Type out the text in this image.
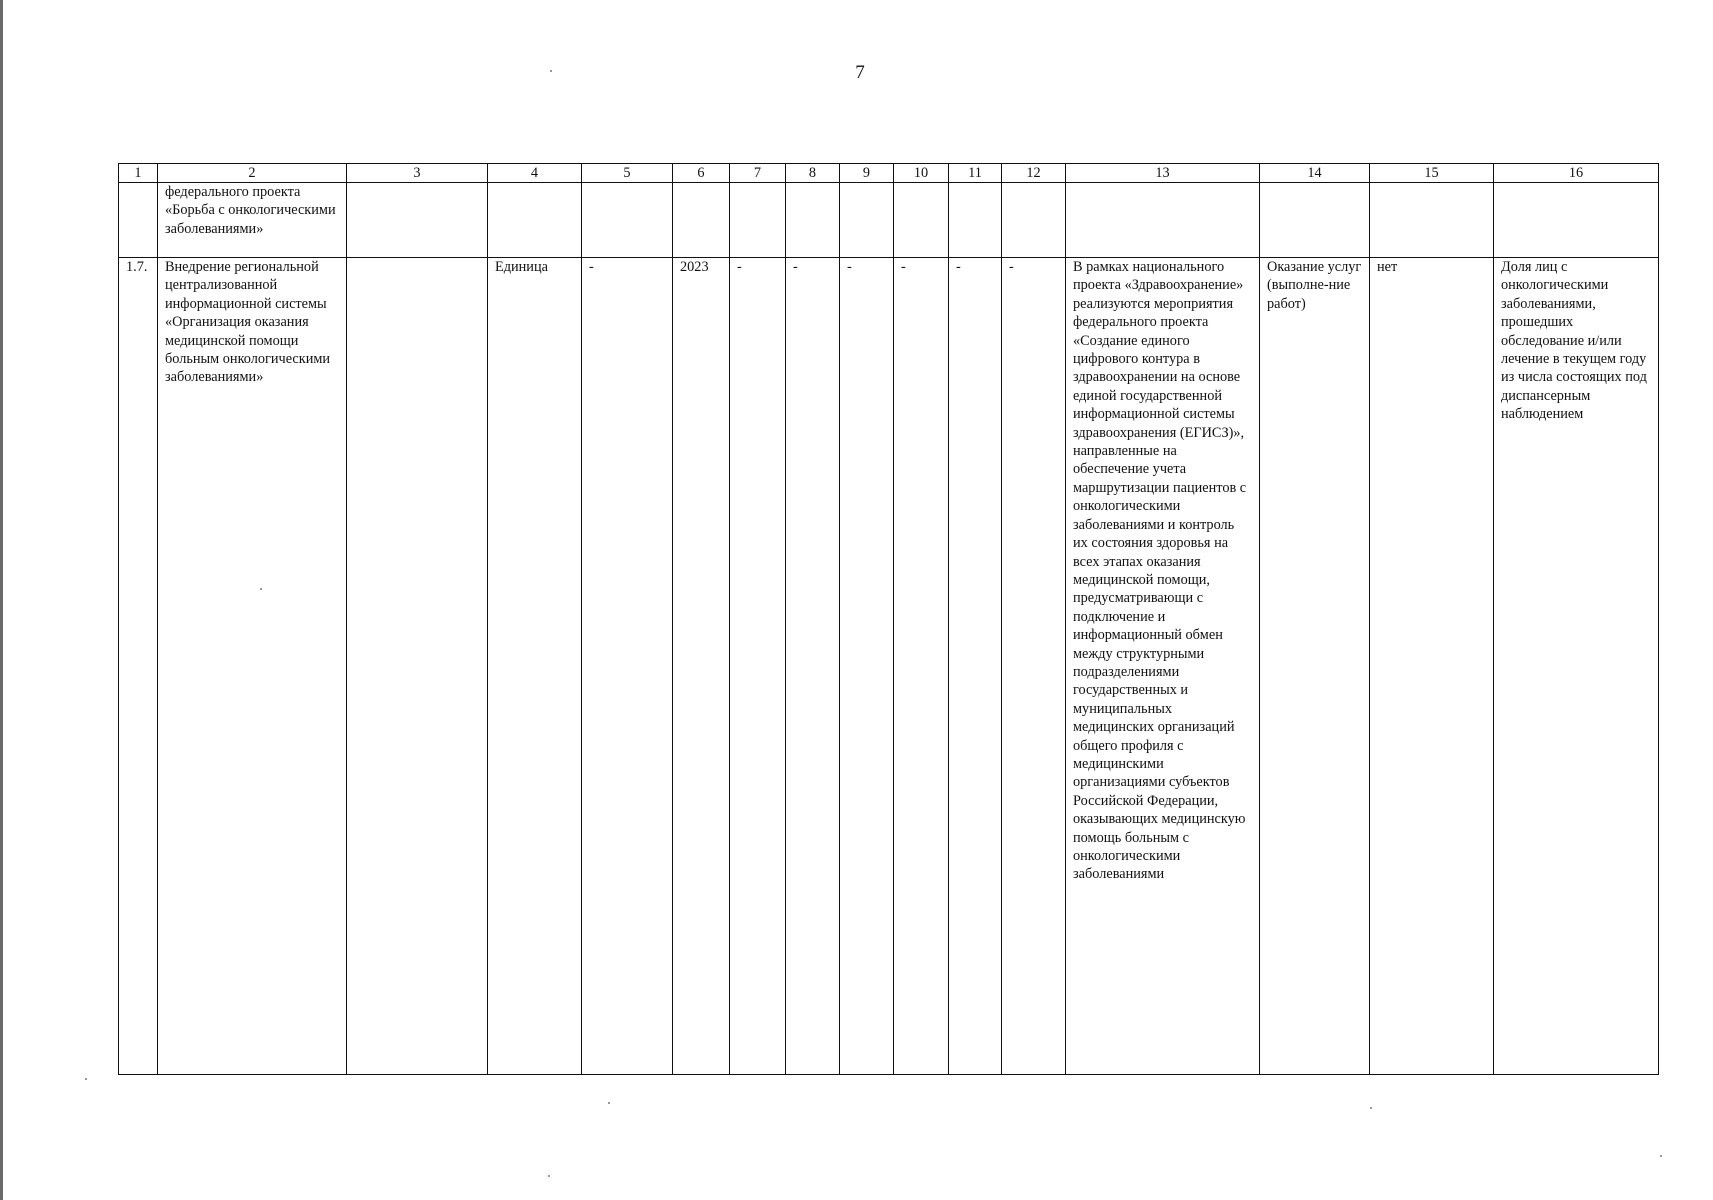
7
1	2	3	4	5	6	7	8	9	10	11	12	13	14	15	16
	федерального проекта «Борьба с онкологическими заболеваниями»														
1.7.	Внедрение региональной централизованной информационной системы «Организация оказания медицинской помощи больным онкологическими заболеваниями»		Единица	-	2023	-	-	-	-	-	-	В рамках национального проекта «Здравоохранение» реализуются мероприятия федерального проекта «Создание единого цифрового контура в здравоохранении на основе единой государственной информационной системы здравоохранения (ЕГИСЗ)», направленные на обеспечение учета маршрутизации пациентов с онкологическими заболеваниями и контроль их состояния здоровья на всех этапах оказания медицинской помощи, предусматривающи с подключение и информационный обмен между структурными подразделениями государственных и муниципальных медицинских организаций общего профиля с медицинскими организациями субъектов Российской Федерации, оказывающих медицинскую помощь больным с онкологическими заболеваниями	Оказание услуг (выполне-ние работ)	нет	Доля лиц с онкологическими заболеваниями, прошедших обследование и/или лечение в текущем году из числа состоящих под диспансерным наблюдением
